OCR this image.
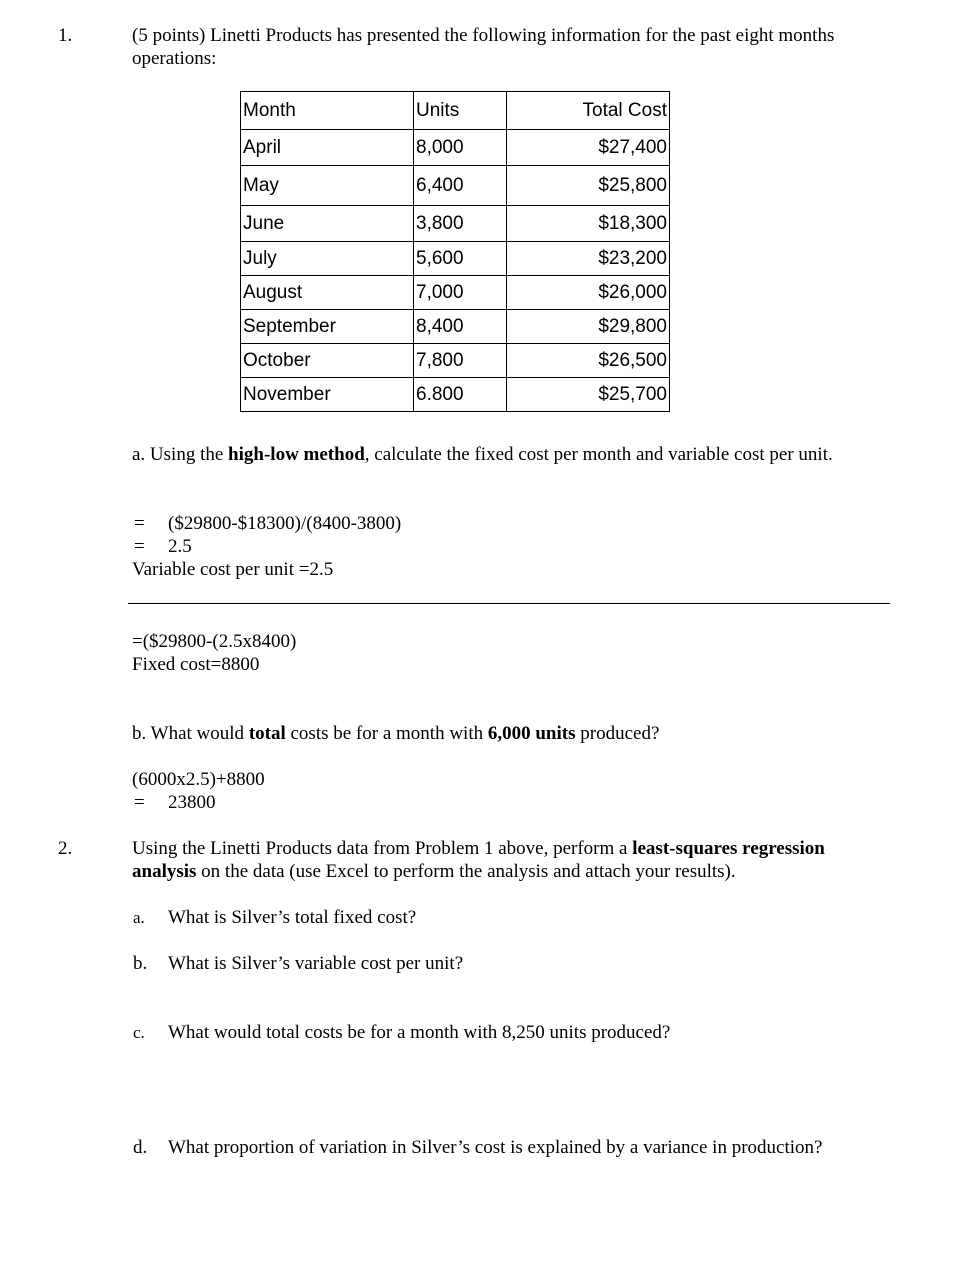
1.	(5 points) Linetti Products has presented the following information for the past eight months
operations:
Month	Units	Total Cost
April	8,000	$27,400
May	6,400	$25,800
June	3,800	$18,300
July	5,600	$23,200
August	7,000	$26,000
September	8,400	$29,800
October	7,800	$26,500
November	6.800	$25,700
a. Using the high-low method, calculate the fixed cost per month and variable cost per unit.
= ($29800-$18300)/(8400-3800)
= 2.5
Variable cost per unit =2.5
=($29800-(2.5x8400)
Fixed cost=8800
b. What would total costs be for a month with 6,000 units produced?
(6000x2.5)+8800
= 23800
2.	Using the Linetti Products data from Problem 1 above, perform a least-squares regression
analysis on the data (use Excel to perform the analysis and attach your results).
a. What is Silver’s total fixed cost?
b. What is Silver’s variable cost per unit?
c. What would total costs be for a month with 8,250 units produced?
d. What proportion of variation in Silver’s cost is explained by a variance in production?
